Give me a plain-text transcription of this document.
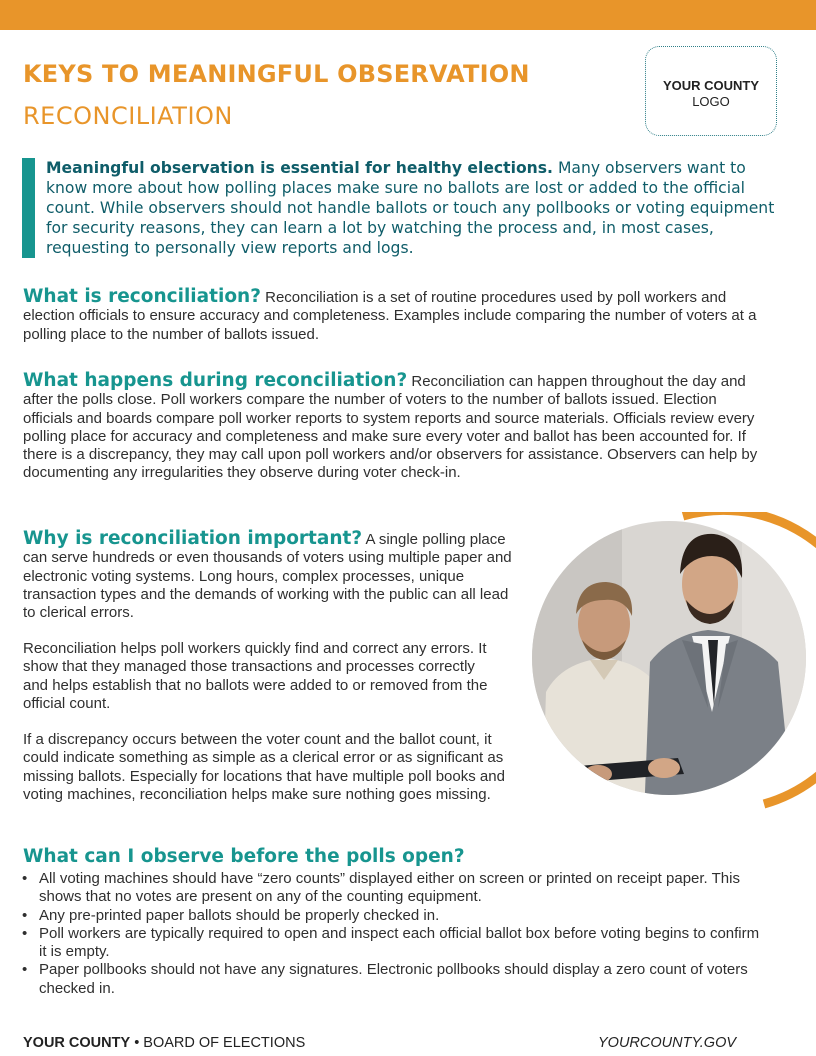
KEYS TO MEANINGFUL OBSERVATION
RECONCILIATION
YOUR COUNTY
LOGO
Meaningful observation is essential for healthy elections. Many observers want to know more about how polling places make sure no ballots are lost or added to the official count. While observers should not handle ballots or touch any pollbooks or voting equipment for security reasons, they can learn a lot by watching the process and, in most cases, requesting to personally view reports and logs.

What is reconciliation? Reconciliation is a set of routine procedures used by poll workers and election officials to ensure accuracy and completeness. Examples include comparing the number of voters at a polling place to the number of ballots issued.

What happens during reconciliation? Reconciliation can happen throughout the day and after the polls close. Poll workers compare the number of voters to the number of ballots issued. Election officials and boards compare poll worker reports to system reports and source materials. Officials review every polling place for accuracy and completeness and make sure every voter and ballot has been accounted for. If there is a discrepancy, they may call upon poll workers and/or observers for assistance. Observers can help by documenting any irregularities they observe during voter check-in.

Why is reconciliation important? A single polling place can serve hundreds or even thousands of voters using multiple paper and electronic voting systems. Long hours, complex processes, unique transaction types and the demands of working with the public can all lead to clerical errors.

Reconciliation helps poll workers quickly find and correct any errors. It show that they managed those transactions and processes correctly and helps establish that no ballots were added to or removed from the official count.

If a discrepancy occurs between the voter count and the ballot count, it could indicate something as simple as a clerical error or as significant as missing ballots. Especially for locations that have multiple poll books and voting machines, reconciliation helps make sure nothing goes missing.

What can I observe before the polls open?
• All voting machines should have “zero counts” displayed either on screen or printed on receipt paper. This shows that no votes are present on any of the counting equipment.
• Any pre-printed paper ballots should be properly checked in.
• Poll workers are typically required to open and inspect each official ballot box before voting begins to confirm it is empty.
• Paper pollbooks should not have any signatures. Electronic pollbooks should display a zero count of voters checked in.
YOUR COUNTY • BOARD OF ELECTIONS	YOURCOUNTY.GOV
